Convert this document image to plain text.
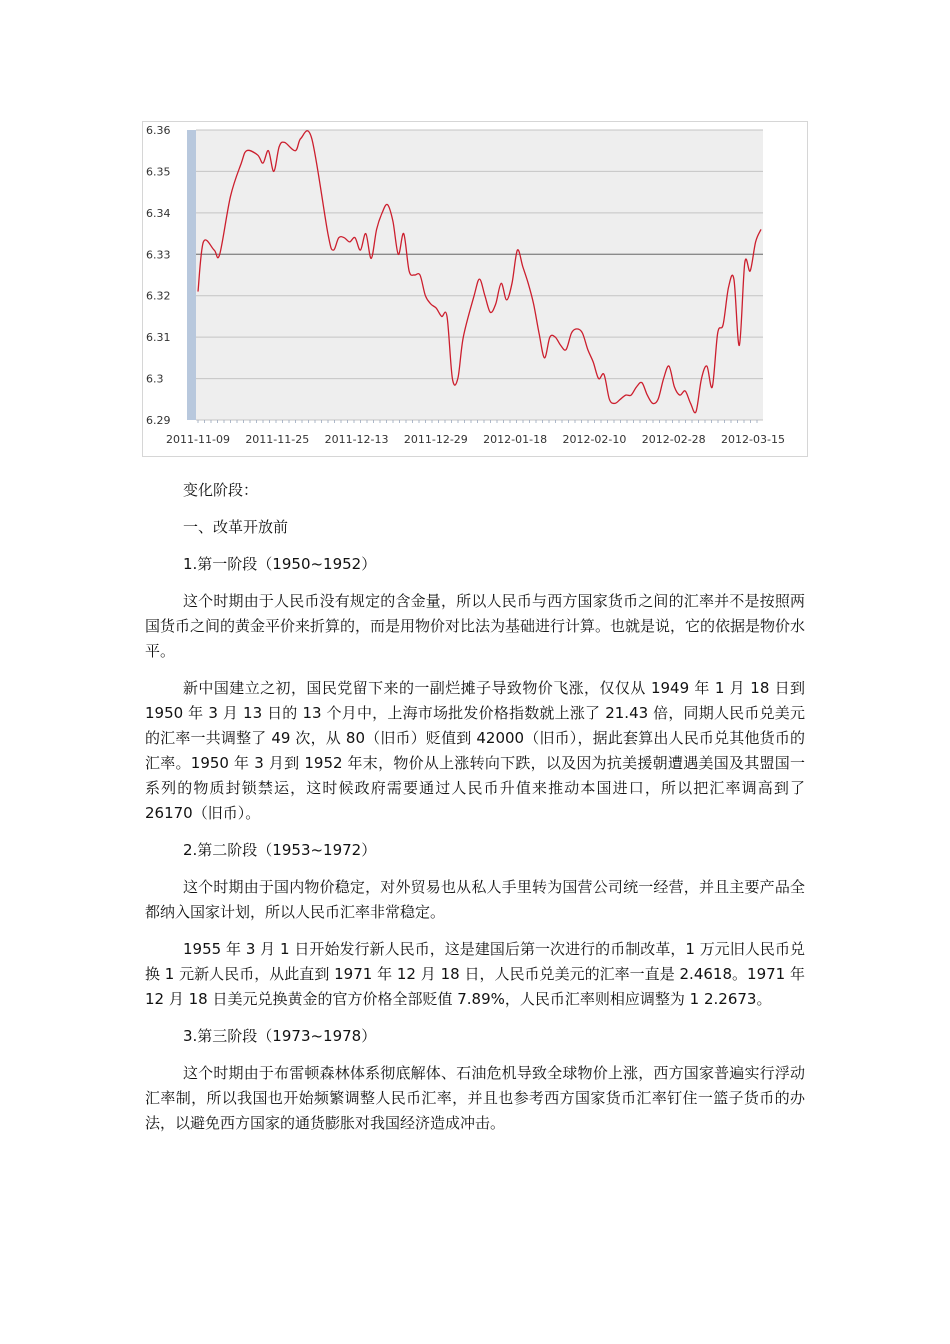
6.36
6.35
6.34
6.33
6.32
6.31
6.3
6.29
2011-11-09 2011-11-25 2011-12-13 2011-12-29 2012-01-18 2012-02-10 2012-02-28 2012-03-15

变化阶段：

一、改革开放前

1.第一阶段（1950~1952）

这个时期由于人民币没有规定的含金量，所以人民币与西方国家货币之间的汇率并不是按照两国货币之间的黄金平价来折算的，而是用物价对比法为基础进行计算。也就是说，它的依据是物价水平。

新中国建立之初，国民党留下来的一副烂摊子导致物价飞涨，仅仅从 1949 年 1 月 18 日到 1950 年 3 月 13 日的 13 个月中，上海市场批发价格指数就上涨了 21.43 倍，同期人民币兑美元的汇率一共调整了 49 次，从 80（旧币）贬值到 42000（旧币），据此套算出人民币兑其他货币的汇率。1950 年 3 月到 1952 年末，物价从上涨转向下跌，以及因为抗美援朝遭遇美国及其盟国一系列的物质封锁禁运，这时候政府需要通过人民币升值来推动本国进口，所以把汇率调高到了 26170（旧币）。

2.第二阶段（1953~1972）

这个时期由于国内物价稳定，对外贸易也从私人手里转为国营公司统一经营，并且主要产品全都纳入国家计划，所以人民币汇率非常稳定。

1955 年 3 月 1 日开始发行新人民币，这是建国后第一次进行的币制改革，1 万元旧人民币兑换 1 元新人民币，从此直到 1971 年 12 月 18 日，人民币兑美元的汇率一直是 2.4618。1971 年 12 月 18 日美元兑换黄金的官方价格全部贬值 7.89%，人民币汇率则相应调整为 1 2.2673。

3.第三阶段（1973~1978）

这个时期由于布雷顿森林体系彻底解体、石油危机导致全球物价上涨，西方国家普遍实行浮动汇率制，所以我国也开始频繁调整人民币汇率，并且也参考西方国家货币汇率钉住一篮子货币的办法，以避免西方国家的通货膨胀对我国经济造成冲击。
